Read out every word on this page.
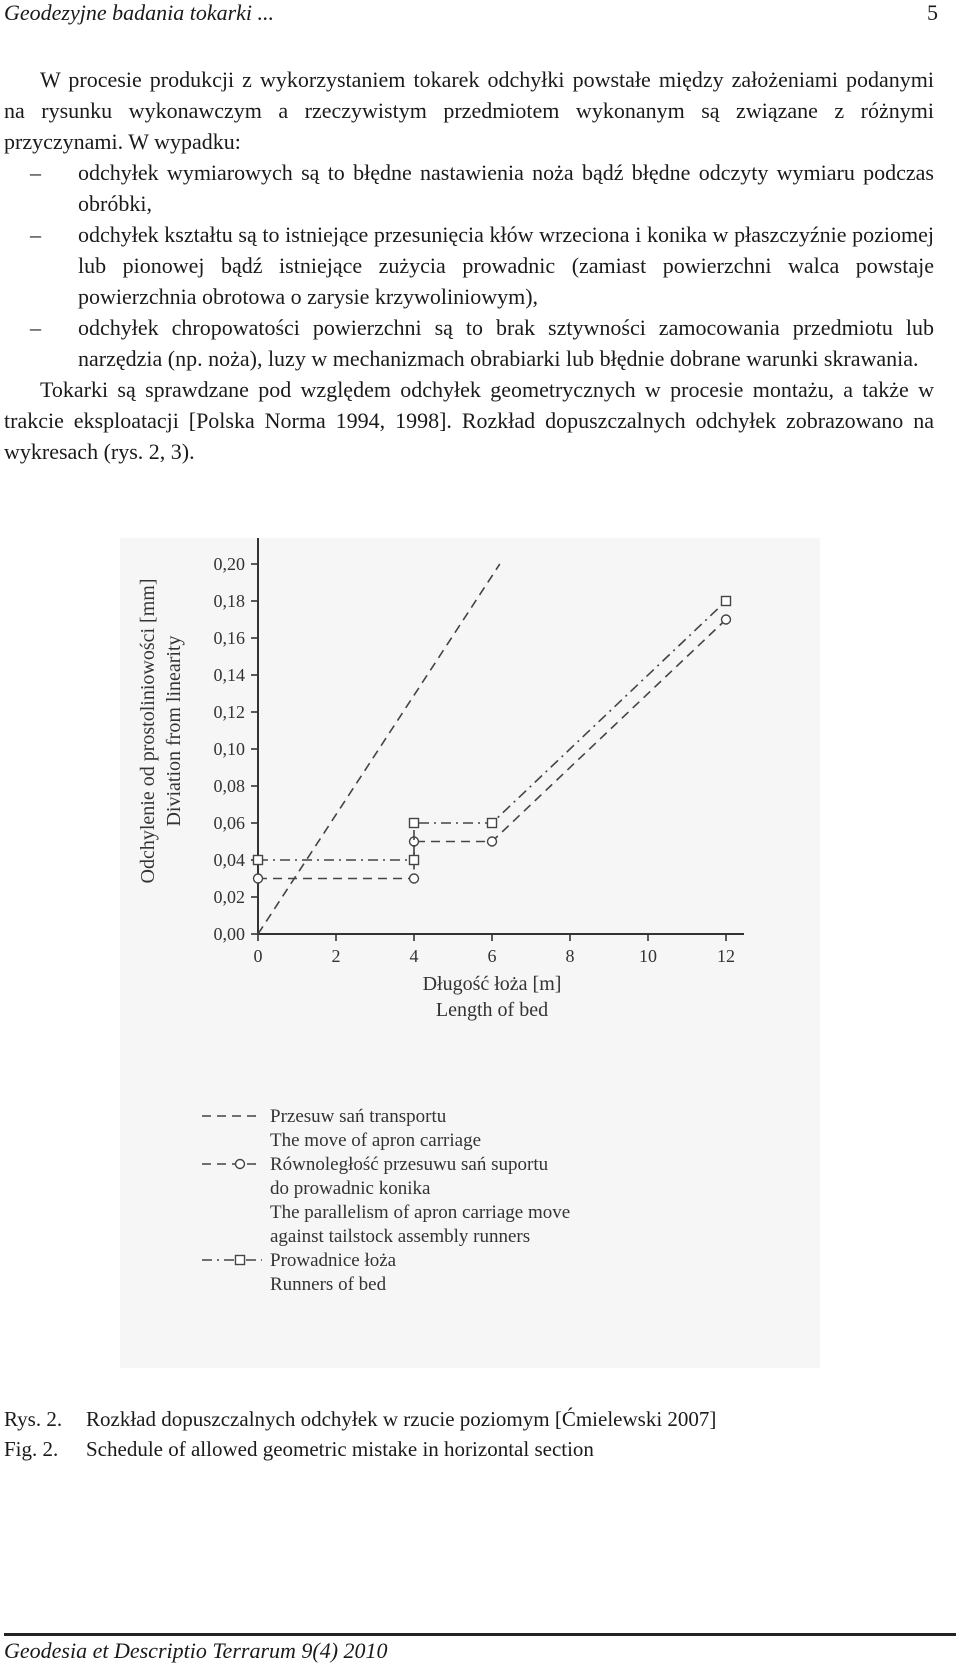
Geodezyjne badania tokarki ...	5

W procesie produkcji z wykorzystaniem tokarek odchyłki powstałe między założeniami podanymi na rysunku wykonawczym a rzeczywistym przedmiotem wykonanym są związane z różnymi przyczynami. W wypadku:

– odchyłek wymiarowych są to błędne nastawienia noża bądź błędne odczyty wymiaru podczas obróbki,
– odchyłek kształtu są to istniejące przesunięcia kłów wrzeciona i konika w płaszczyźnie poziomej lub pionowej bądź istniejące zużycia prowadnic (zamiast powierzchni walca powstaje powierzchnia obrotowa o zarysie krzywoliniowym),
– odchyłek chropowatości powierzchni są to brak sztywności zamocowania przedmiotu lub narzędzia (np. noża), luzy w mechanizmach obrabiarki lub błędnie dobrane warunki skrawania.

Tokarki są sprawdzane pod względem odchyłek geometrycznych w procesie montażu, a także w trakcie eksploatacji [Polska Norma 1994, 1998]. Rozkład dopuszczalnych odchyłek zobrazowano na wykresach (rys. 2, 3).

0,00
0,02
0,04
0,06
0,08
0,10
0,12
0,14
0,16
0,18
0,20
0	2	4	6	8	10	12
Odchylenie od prostoliniowości [mm] Diviation from linearity
Długość łoża [m]
Length of bed
Przesuw sań transportu
The move of apron carriage
Równoległość przesuwu sań suportu
do prowadnic konika
The parallelism of apron carriage move
against tailstock assembly runners
Prowadnice łoża
Runners of bed
Rys. 2. Rozkład dopuszczalnych odchyłek w rzucie poziomym [Ćmielewski 2007]
Fig. 2. Schedule of allowed geometric mistake in horizontal section
Geodesia et Descriptio Terrarum 9(4) 2010
